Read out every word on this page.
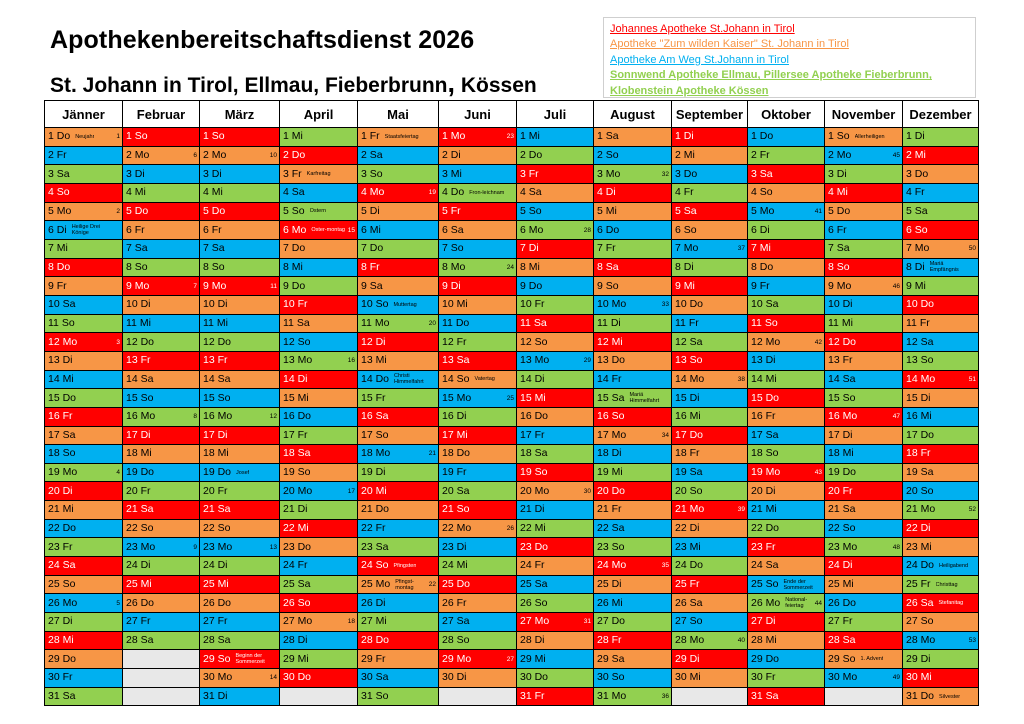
Apothekenbereitschaftsdienst 2026
St. Johann in Tirol, Ellmau, Fieberbrunn, Kössen
Johannes Apotheke St.Johann in Tirol
Apotheke "Zum wilden Kaiser" St. Johann in Tirol
Apotheke Am Weg St.Johann in Tirol
Sonnwend Apotheke Ellmau, Pillersee Apotheke Fieberbrunn,
Klobenstein Apotheke Kössen
Jänner	Februar	März	April	Mai	Juni	Juli	August	September	Oktober	November	Dezember

1 Do Neujahr 1	1 So	1 So	1 Mi	1 Fr Staatsfeiertag	1 Mo 23	1 Mi	1 Sa	1 Di	1 Do	1 So Allerheiligen	1 Di

2 Fr	2 Mo 6	2 Mo 10	2 Do	2 Sa	2 Di	2 Do	2 So	2 Mi	2 Fr	2 Mo 45	2 Mi

3 Sa	3 Di	3 Di	3 Fr Karfreitag	3 So	3 Mi	3 Fr	3 Mo 32	3 Do	3 Sa	3 Di	3 Do

4 So	4 Mi	4 Mi	4 Sa	4 Mo 19	4 Do Fron-leichnam	4 Sa	4 Di	4 Fr	4 So	4 Mi	4 Fr

5 Mo 2	5 Do	5 Do	5 So Ostern	5 Di	5 Fr	5 So	5 Mi	5 Sa	5 Mo 41	5 Do	5 Sa

6 Di Heilige Drei Könige	6 Fr	6 Fr	6 Mo Oster-montag 15	6 Mi	6 Sa	6 Mo 28	6 Do	6 So	6 Di	6 Fr	6 So

7 Mi	7 Sa	7 Sa	7 Do	7 Do	7 So	7 Di	7 Fr	7 Mo 37	7 Mi	7 Sa	7 Mo 50

8 Do	8 So	8 So	8 Mi	8 Fr	8 Mo 24	8 Mi	8 Sa	8 Di	8 Do	8 So	8 Di Mariä Empfängnis

9 Fr	9 Mo 7	9 Mo 11	9 Do	9 Sa	9 Di	9 Do	9 So	9 Mi	9 Fr	9 Mo 46	9 Mi

10 Sa	10 Di	10 Di	10 Fr	10 So Muttertag	10 Mi	10 Fr	10 Mo 33	10 Do	10 Sa	10 Di	10 Do

11 So	11 Mi	11 Mi	11 Sa	11 Mo 20	11 Do	11 Sa	11 Di	11 Fr	11 So	11 Mi	11 Fr

12 Mo 3	12 Do	12 Do	12 So	12 Di	12 Fr	12 So	12 Mi	12 Sa	12 Mo 42	12 Do	12 Sa

13 Di	13 Fr	13 Fr	13 Mo 16	13 Mi	13 Sa	13 Mo 29	13 Do	13 So	13 Di	13 Fr	13 So

14 Mi	14 Sa	14 Sa	14 Di	14 Do Christi Himmelfahrt	14 So Vatertag	14 Di	14 Fr	14 Mo 38	14 Mi	14 Sa	14 Mo 51

15 Do	15 So	15 So	15 Mi	15 Fr	15 Mo 25	15 Mi	15 Sa Mariä Himmelfahrt	15 Di	15 Do	15 So	15 Di

16 Fr	16 Mo 8	16 Mo 12	16 Do	16 Sa	16 Di	16 Do	16 So	16 Mi	16 Fr	16 Mo 47	16 Mi

17 Sa	17 Di	17 Di	17 Fr	17 So	17 Mi	17 Fr	17 Mo 34	17 Do	17 Sa	17 Di	17 Do

18 So	18 Mi	18 Mi	18 Sa	18 Mo 21	18 Do	18 Sa	18 Di	18 Fr	18 So	18 Mi	18 Fr

19 Mo 4	19 Do	19 Do Josef	19 So	19 Di	19 Fr	19 So	19 Mi	19 Sa	19 Mo 43	19 Do	19 Sa

20 Di	20 Fr	20 Fr	20 Mo 17	20 Mi	20 Sa	20 Mo 30	20 Do	20 So	20 Di	20 Fr	20 So

21 Mi	21 Sa	21 Sa	21 Di	21 Do	21 So	21 Di	21 Fr	21 Mo 39	21 Mi	21 Sa	21 Mo 52

22 Do	22 So	22 So	22 Mi	22 Fr	22 Mo 26	22 Mi	22 Sa	22 Di	22 Do	22 So	22 Di

23 Fr	23 Mo 9	23 Mo 13	23 Do	23 Sa	23 Di	23 Do	23 So	23 Mi	23 Fr	23 Mo 48	23 Mi

24 Sa	24 Di	24 Di	24 Fr	24 So Pfingsten	24 Mi	24 Fr	24 Mo 35	24 Do	24 Sa	24 Di	24 Do Heiligabend

25 So	25 Mi	25 Mi	25 Sa	25 Mo Pfingst-montag 22	25 Do	25 Sa	25 Di	25 Fr	25 So Ende der Sommerzeit	25 Mi	25 Fr Christtag

26 Mo 5	26 Do	26 Do	26 So	26 Di	26 Fr	26 So	26 Mi	26 Sa	26 Mo National-feiertag 44	26 Do	26 Sa Stefanitag

27 Di	27 Fr	27 Fr	27 Mo 18	27 Mi	27 Sa	27 Mo 31	27 Do	27 So	27 Di	27 Fr	27 So

28 Mi	28 Sa	28 Sa	28 Di	28 Do	28 So	28 Di	28 Fr	28 Mo 40	28 Mi	28 Sa	28 Mo 53

29 Do		29 So Beginn der Sommerzeit	29 Mi	29 Fr	29 Mo 27	29 Mi	29 Sa	29 Di	29 Do	29 So 1. Advent	29 Di

30 Fr		30 Mo 14	30 Do	30 Sa	30 Di	30 Do	30 So	30 Mi	30 Fr	30 Mo 49	30 Mi

31 Sa		31 Di		31 So		31 Fr	31 Mo 36		31 Sa		31 Do Silvester
